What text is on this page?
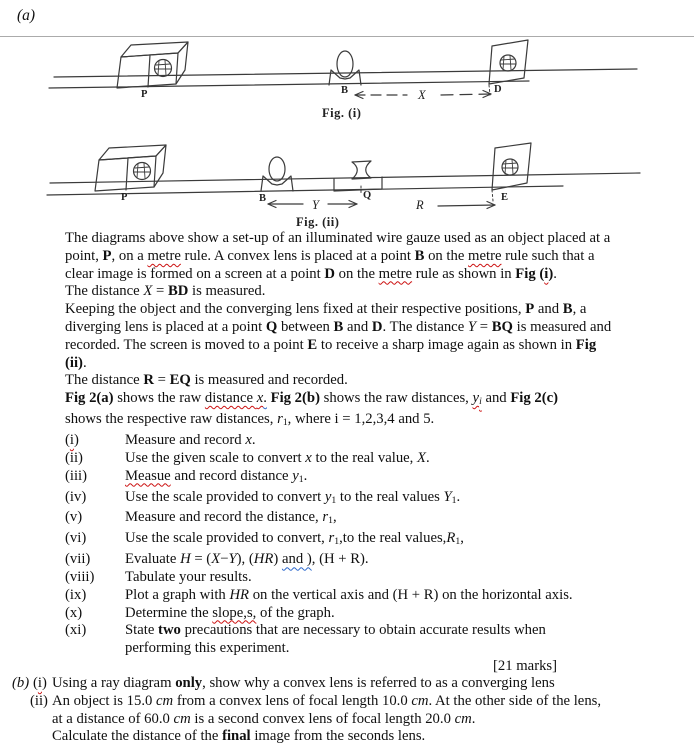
(a)
P	B	X	D
Fig. (i)
P	B	Y
Q
R
E
Fig. (ii)
The diagrams above show a set-up of an illuminated wire gauze used as an object placed at a
point, P, on a metre rule. A convex lens is placed at a point B on the metre rule such that a
clear image is formed on a screen at a point D on the metre rule as shown in Fig (i).
The distance X = BD is measured.
Keeping the object and the converging lens fixed at their respective positions, P and B, a
diverging lens is placed at a point Q between B and D. The distance Y = BQ is measured and
recorded. The screen is moved to a point E to receive a sharp image again as shown in Fig
(ii).
The distance R = EQ is measured and recorded.
Fig 2(a) shows the raw distance x. Fig 2(b) shows the raw distances, $y_i$ and Fig 2(c)
shows the respective raw distances, $r_1$, where i = 1,2,3,4 and 5.
(i)	Measure and record x.
(ii)	Use the given scale to convert x to the real value, X.
(iii)	Measue and record distance $y_1$.
(iv)	Use the scale provided to convert $y_1$ to the real values $Y_1$.
(v)	Measure and record the distance, $r_1$,
(vi)	Use the scale provided to convert, $r_1,to$ the real $values,R_1$,
(vii)	Evaluate H = (X−Y), (HR) and ), (H + R).
(viii)	Tabulate your results.
(ix)	Plot a graph with HR on the vertical axis and (H + R) on the horizontal axis.
(x)	Determine the slope,s, of the graph.
(xi)	State two precautions that are necessary to obtain accurate results when
performing this experiment.
[21 marks]
(b) (i) Using a ray diagram only, show why a convex lens is referred to as a converging lens
(ii) An object is 15.0 cm from a convex lens of focal length 10.0 cm. At the other side of the lens,
at a distance of 60.0 cm is a second convex lens of focal length 20.0 cm.
Calculate the distance of the final image from the seconds lens.
